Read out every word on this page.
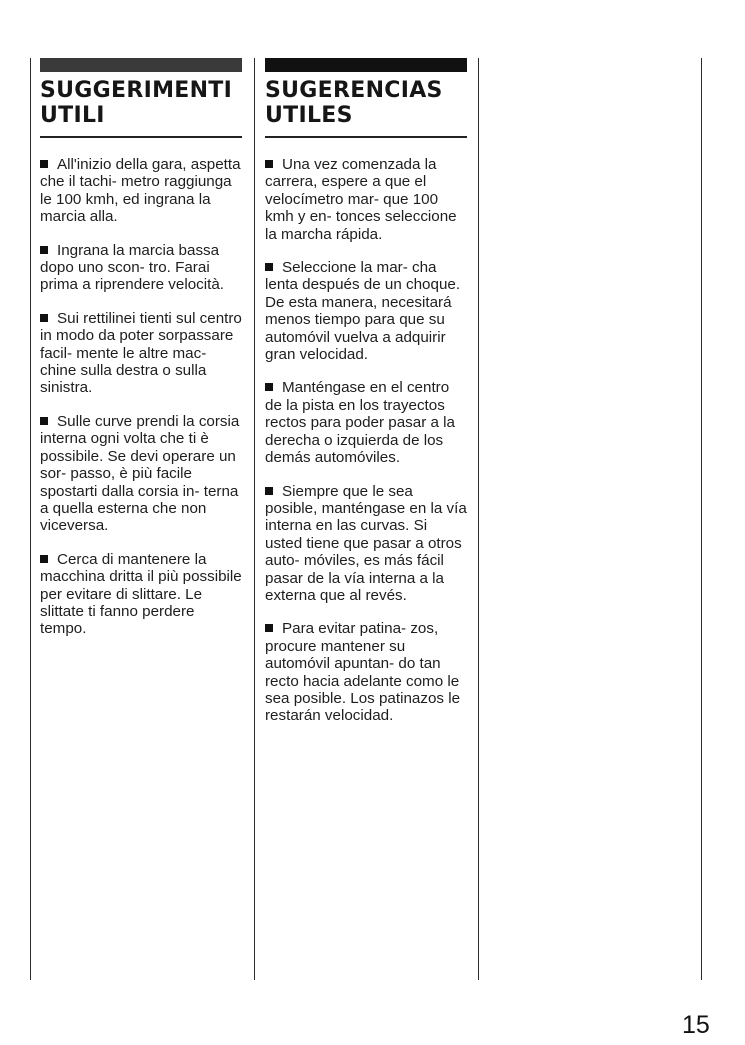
SUGGERIMENTI
UTILI
All'inizio della gara, aspetta che il tachi- metro raggiunga le 100 kmh, ed ingrana la marcia alla.
Ingrana la marcia bassa dopo uno scon- tro. Farai prima a riprendere velocità.
Sui rettilinei tienti sul centro in modo da poter sorpassare facil- mente le altre mac- chine sulla destra o sulla sinistra.
Sulle curve prendi la corsia interna ogni volta che ti è possibile. Se devi operare un sor- passo, è più facile spostarti dalla corsia in- terna a quella esterna che non viceversa.
Cerca di mantenere la macchina dritta il più possibile per evitare di slittare. Le slittate ti fanno perdere tempo.
SUGERENCIAS
UTILES
Una vez comenzada la carrera, espere a que el velocímetro mar- que 100 kmh y en- tonces seleccione la marcha rápida.
Seleccione la mar- cha lenta después de un choque. De esta manera, necesitará menos tiempo para que su automóvil vuelva a adquirir gran velocidad.
Manténgase en el centro de la pista en los trayectos rectos para poder pasar a la derecha o izquierda de los demás automóviles.
Siempre que le sea posible, manténgase en la vía interna en las curvas. Si usted tiene que pasar a otros auto- móviles, es más fácil pasar de la vía interna a la externa que al revés.
Para evitar patina- zos, procure mantener su automóvil apuntan- do tan recto hacia adelante como le sea posible. Los patinazos le restarán velocidad.
15
